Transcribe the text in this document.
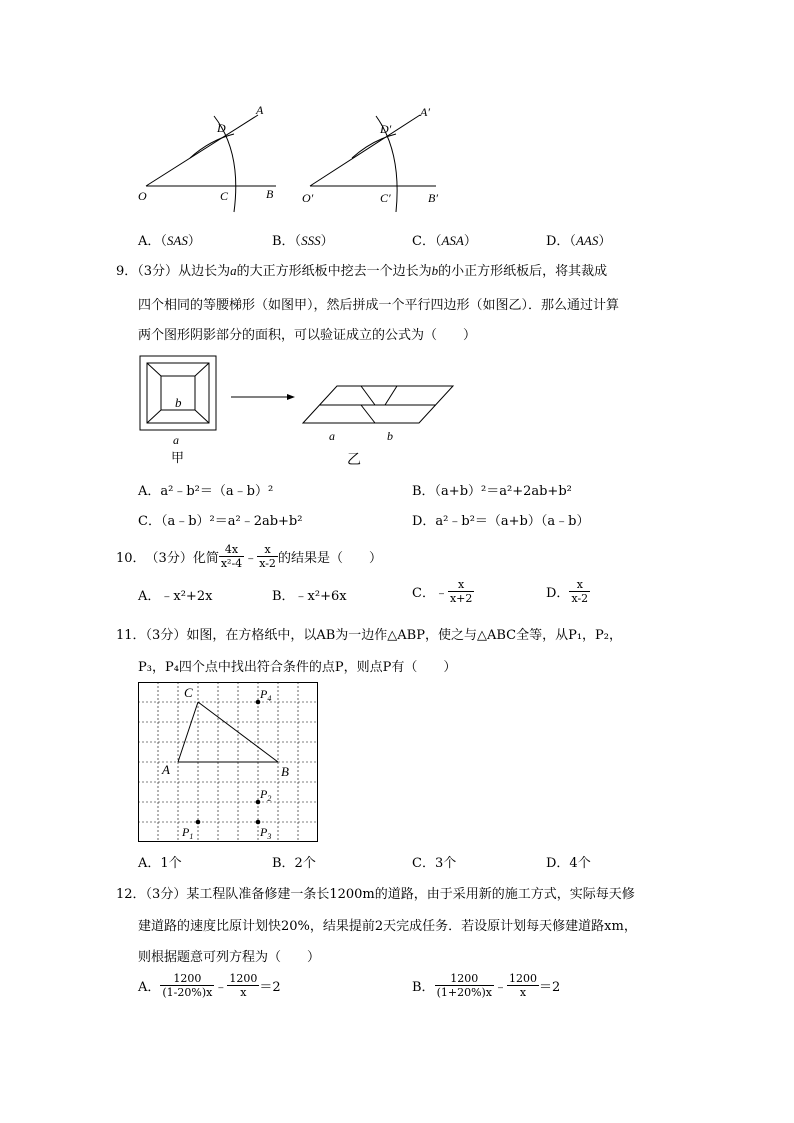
O	C	B
D
A
O′	C′	B′
D′
A′
A．（SAS）	B．（SSS）	C．（ASA）	D．（AAS）
9．（3分）从边长为a的大正方形纸板中挖去一个边长为b的小正方形纸板后，将其裁成
四个相同的等腰梯形（如图甲），然后拼成一个平行四边形（如图乙）．那么通过计算
两个图形阴影部分的面积，可以验证成立的公式为（　　）
b
a
甲
a	b
乙
A．a²﹣b²＝（a﹣b）²	B．（a+b）²＝a²+2ab+b²
C．（a﹣b）²＝a²﹣2ab+b²	D．a²﹣b²＝（a+b）（a﹣b）
10． （3分） 化简 $\frac{4x}{\text{x²-4}}$ ﹣ $\frac{x}{x-2}$ 的结果是（　　）
A．﹣x²+2x	B．﹣x²+6x	C．﹣ $\frac{x}{x+2}$	D． $\frac{x}{x-2}$
11．（3分）如图，在方格纸中，以AB为一边作△ABP，使之与△ABC全等，从P₁，P₂，
P₃，P₄四个点中找出符合条件的点P，则点P有（　　）
C
A	B
$P_4$
$P_2$
$P_1$	$P_3$
A．1个	B．2个	C．3个	D．4个
12．（3分）某工程队准备修建一条长1200m的道路，由于采用新的施工方式，实际每天修
建道路的速度比原计划快20%，结果提前2天完成任务．若设原计划每天修建道路xm，
则根据题意可列方程为（　　）
A． $\frac{1200}{(1-20\%)x}$ ﹣ $\frac{1200}{x} =2$	B． $\frac{1200}{(1+20\%)x}$ ﹣ $\frac{1200}{x} =2$
